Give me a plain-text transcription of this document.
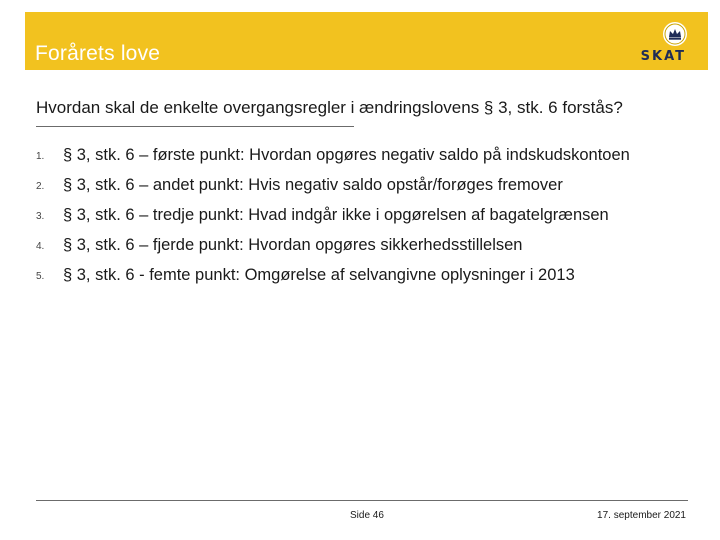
Forårets love	SKAT
Hvordan skal de enkelte overgangsregler i ændringslovens § 3, stk. 6 forstås?
1.	§ 3, stk. 6 – første punkt: Hvordan opgøres negativ saldo på indskudskontoen
2.	§ 3, stk. 6 – andet punkt: Hvis negativ saldo opstår/forøges fremover
3.	§ 3, stk. 6 – tredje punkt: Hvad indgår ikke i opgørelsen af bagatelgrænsen
4.	§ 3, stk. 6 – fjerde punkt: Hvordan opgøres sikkerhedsstillelsen
5.	§ 3, stk. 6 - femte punkt: Omgørelse af selvangivne oplysninger i 2013
Side 46	17. september 2021
